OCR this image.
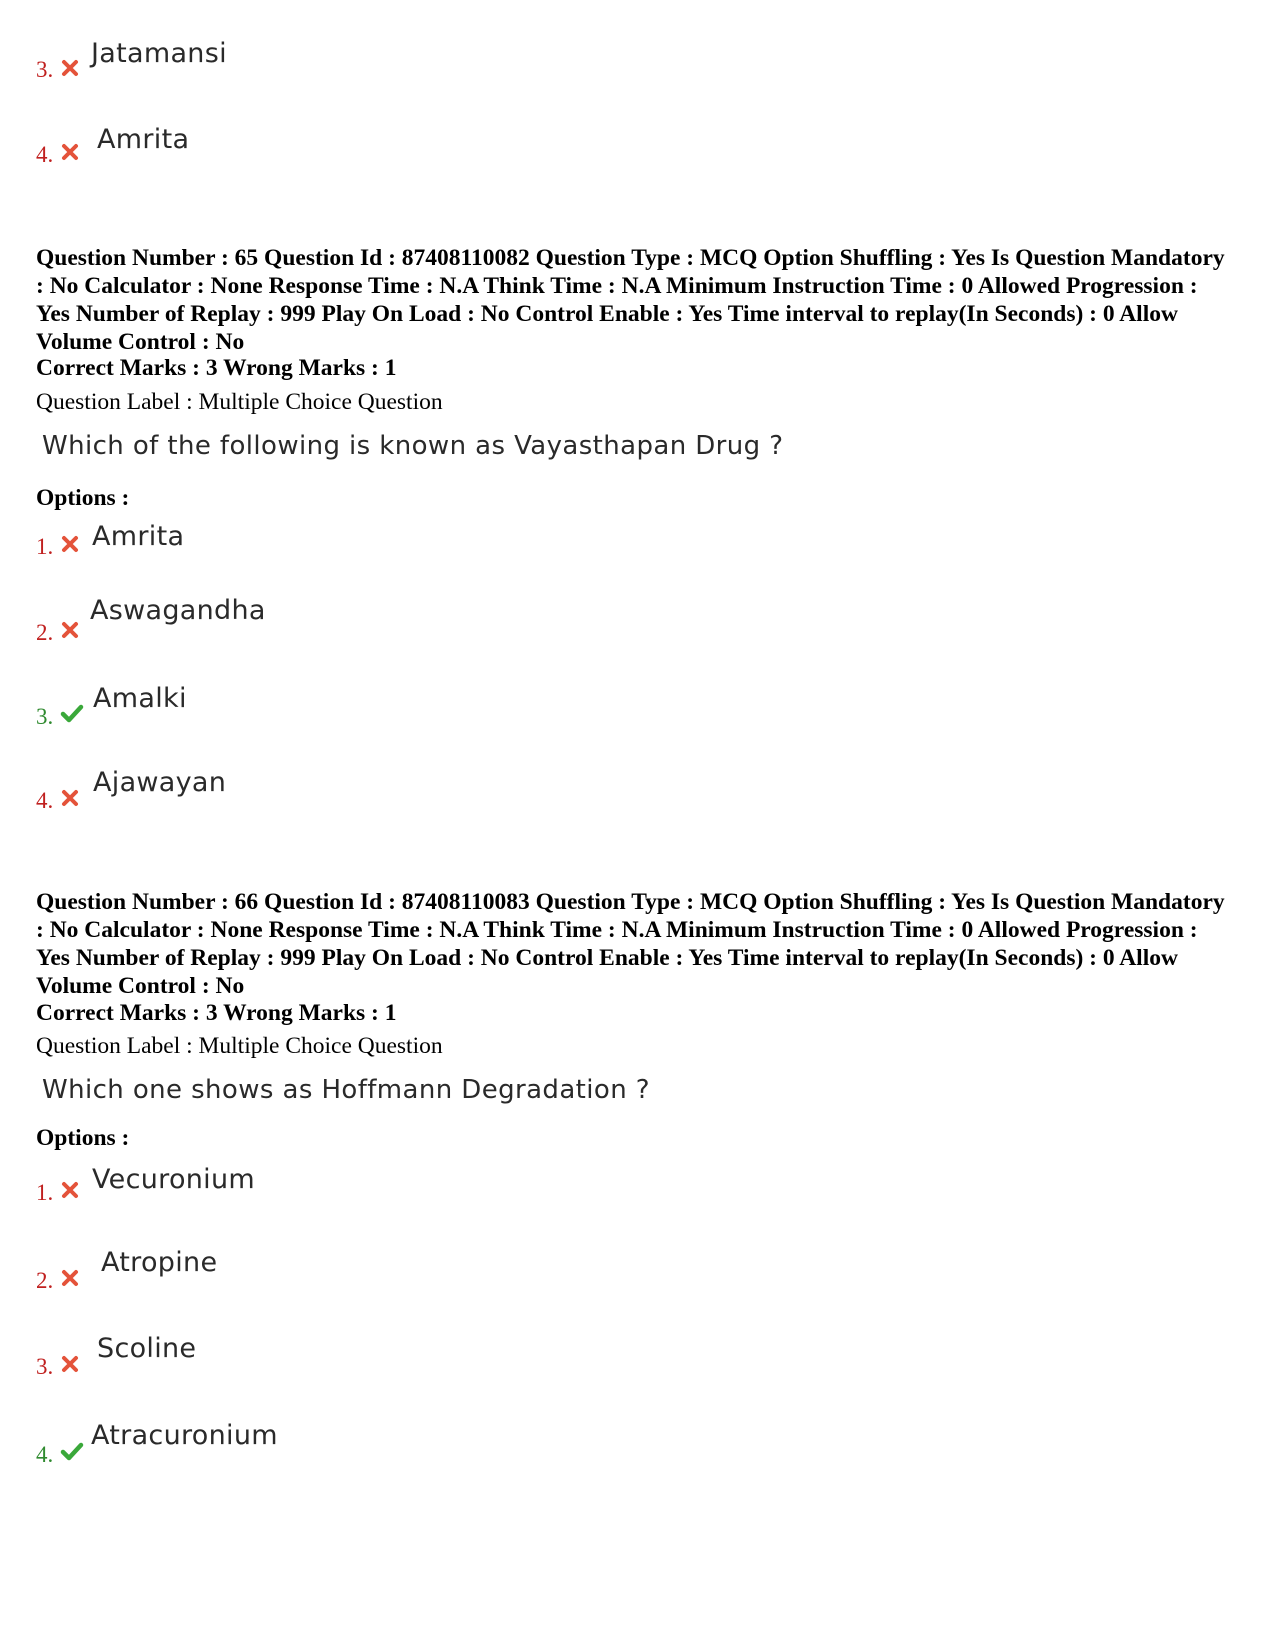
3.
Jatamansi
4. Amrita
Question Number : 65 Question Id : 87408110082 Question Type : MCQ Option Shuffling : Yes Is Question Mandatory : No Calculator : None Response Time : N.A Think Time : N.A Minimum Instruction Time : 0 Allowed Progression : Yes Number of Replay : 999 Play On Load : No Control Enable : Yes Time interval to replay(In Seconds) : 0 Allow Volume Control : No
Correct Marks : 3 Wrong Marks : 1
Question Label : Multiple Choice Question
Which of the following is known as Vayasthapan Drug ?
Options :
1. Amrita
2.
Aswagandha
3.
Amalki
4.
Ajawayan
Question Number : 66 Question Id : 87408110083 Question Type : MCQ Option Shuffling : Yes Is Question Mandatory : No Calculator : None Response Time : N.A Think Time : N.A Minimum Instruction Time : 0 Allowed Progression : Yes Number of Replay : 999 Play On Load : No Control Enable : Yes Time interval to replay(In Seconds) : 0 Allow Volume Control : No
Correct Marks : 3 Wrong Marks : 1
Question Label : Multiple Choice Question
Which one shows as Hoffmann Degradation ?
Options :
1. Vecuronium
2.
Atropine
3.
Scoline
4.
Atracuronium
